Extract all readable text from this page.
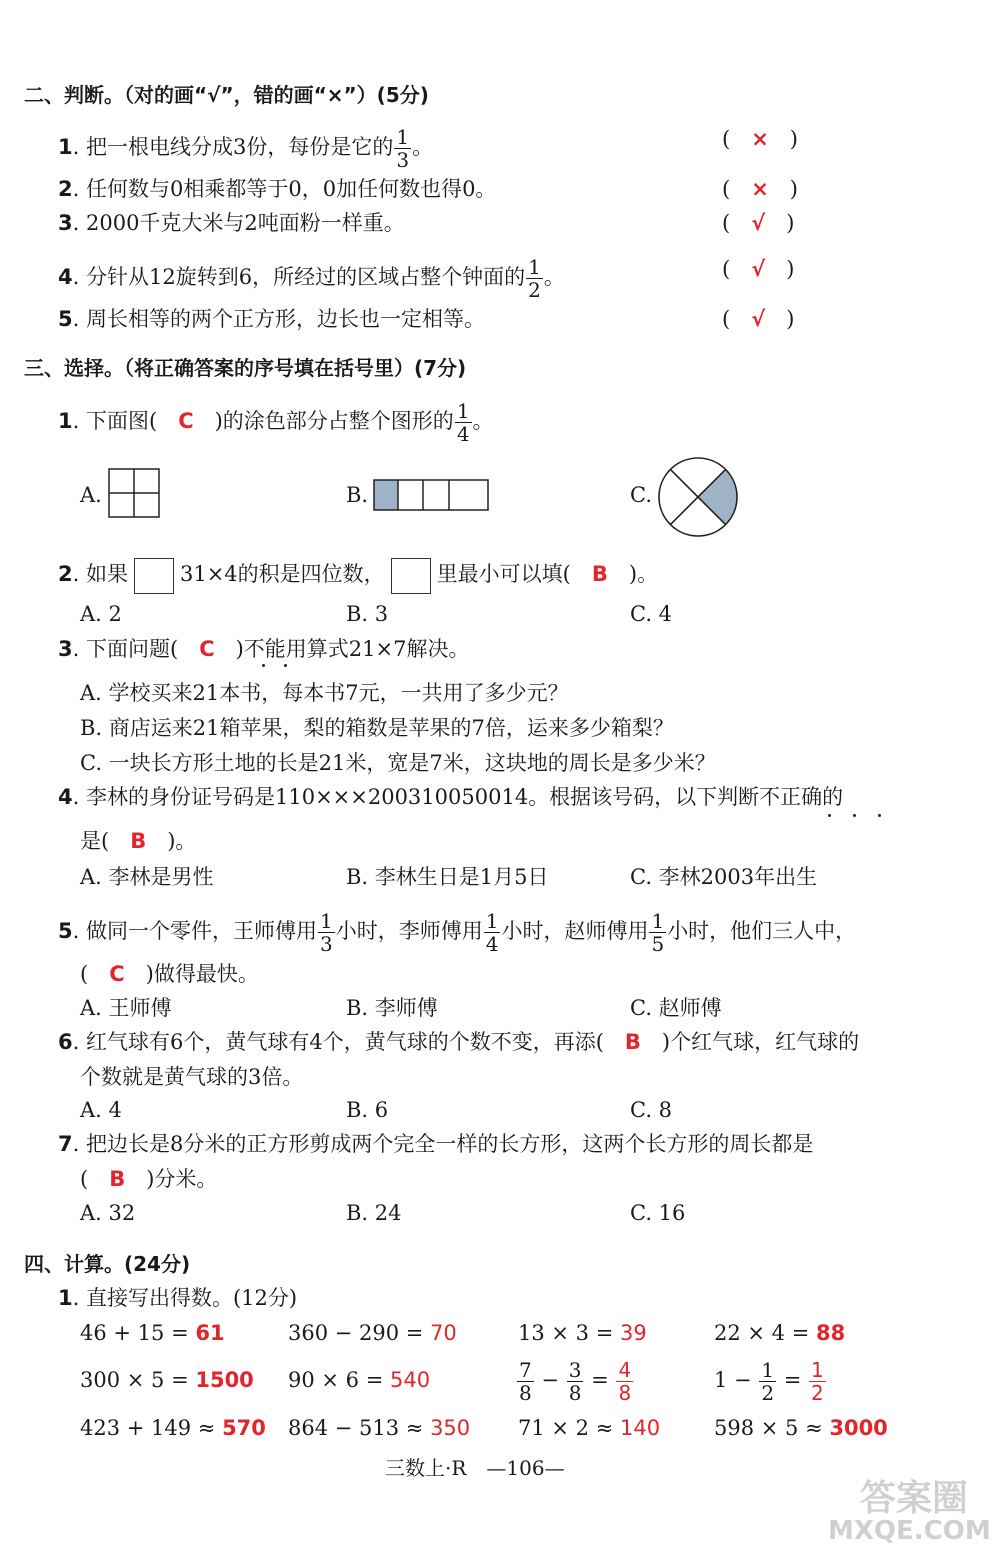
二、判断。（对的画“√”，错的画“×”）(5分)
1. 把一根电线分成3份，每份是它的 $\frac{1}{3}$ 。	(　×　)
2. 任何数与0相乘都等于0，0加任何数也得0。	(　×　)
3. 2000千克大米与2吨面粉一样重。	(　√　)
4. 分针从12旋转到6，所经过的区域占整个钟面的 $\frac{1}{2}$ 。	(　√　)
5. 周长相等的两个正方形，边长也一定相等。	(　√　)
三、选择。（将正确答案的序号填在括号里）(7分)
1. 下面图(　 C　 )的涂色部分占整个图形的 $\frac{1}{4}$ 。
A.	B.	C.
2. 如果 31×4的积是四位数， 里最小可以填(　 B　 )。
A. 2	B. 3	C. 4
3. 下面问题(　 C　 )不能用算式21×7解决。
A. 学校买来21本书，每本书7元，一共用了多少元？
B. 商店运来21箱苹果，梨的箱数是苹果的7倍，运来多少箱梨？
C. 一块长方形土地的长是21米，宽是7米，这块地的周长是多少米？
4. 李林的身份证号码是110×××200310050014。根据该号码，以下判断不正确的
是(　 B　 )。
A. 李林是男性	B. 李林生日是1月5日	C. 李林2003年出生
5. 做同一个零件，王师傅用 $\frac{1}{3}$ 小时，李师傅用 $\frac{1}{4}$ 小时，赵师傅用 $\frac{1}{5}$ 小时，他们三人中，
(　 C　 )做得最快。
A. 王师傅	B. 李师傅	C. 赵师傅
6. 红气球有6个，黄气球有4个，黄气球的个数不变，再添(　 B　 )个红气球，红气球的
个数就是黄气球的3倍。
A. 4	B. 6	C. 8
7. 把边长是8分米的正方形剪成两个完全一样的长方形，这两个长方形的周长都是
(　 B　 )分米。
A. 32	B. 24	C. 16
四、计算。(24分)
1. 直接写出得数。(12分)
46 + 15 = 61	360 − 290 = 70	13 × 3 = 39	22 × 4 = 88
300 × 5 = 1500 90 × 6 = 540	$\frac{7}{8} - \frac{3}{8} = \frac{4}{8}$	$1 - \frac{1}{2} = \frac{1}{2}$
423 + 149 ≈ 570 864 − 513 ≈ 350 71 × 2 ≈ 140	598 × 5 ≈ 3000
三数上·R　—106—
答案圈
MXQE.COM
